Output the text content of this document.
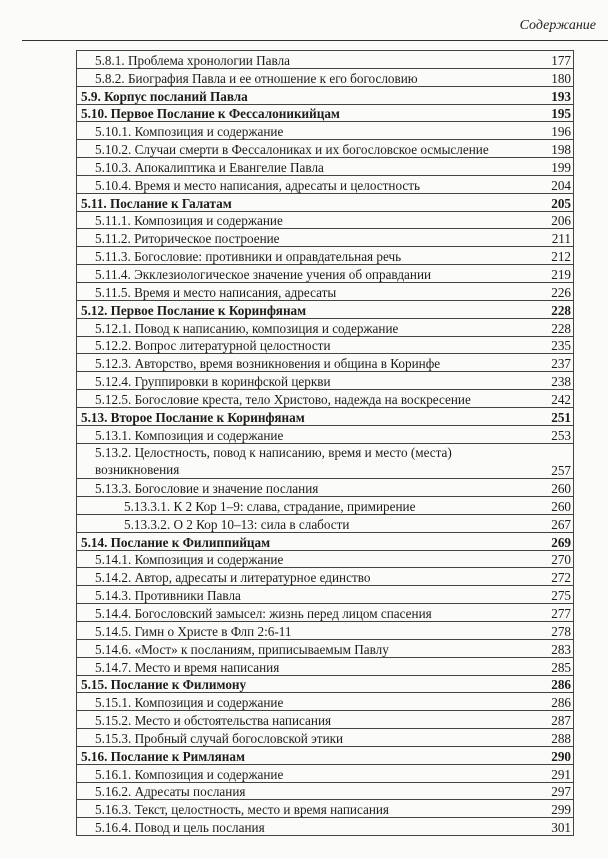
Содержание
5.8.1. Проблема хронологии Павла	177
5.8.2. Биография Павла и ее отношение к его богословию	180
5.9. Корпус посланий Павла	193
5.10. Первое Послание к Фессалоникийцам	195
5.10.1. Композиция и содержание	196
5.10.2. Случаи смерти в Фессалониках и их богословское осмысление	198
5.10.3. Апокалиптика и Евангелие Павла	199
5.10.4. Время и место написания, адресаты и целостность	204
5.11. Послание к Галатам	205
5.11.1. Композиция и содержание	206
5.11.2. Риторическое построение	211
5.11.3. Богословие: противники и оправдательная речь	212
5.11.4. Экклезиологическое значение учения об оправдании	219
5.11.5. Время и место написания, адресаты	226
5.12. Первое Послание к Коринфянам	228
5.12.1. Повод к написанию, композиция и содержание	228
5.12.2. Вопрос литературной целостности	235
5.12.3. Авторство, время возникновения и община в Коринфе	237
5.12.4. Группировки в коринфской церкви	238
5.12.5. Богословие креста, тело Христово, надежда на воскресение	242
5.13. Второе Послание к Коринфянам	251
5.13.1. Композиция и содержание	253
5.13.2. Целостность, повод к написанию, время и место (места) возникновения	257
5.13.3. Богословие и значение послания	260
5.13.3.1. К 2 Кор 1–9: слава, страдание, примирение	260
5.13.3.2. О 2 Кор 10–13: сила в слабости	267
5.14. Послание к Филиппийцам	269
5.14.1. Композиция и содержание	270
5.14.2. Автор, адресаты и литературное единство	272
5.14.3. Противники Павла	275
5.14.4. Богословский замысел: жизнь перед лицом спасения	277
5.14.5. Гимн о Христе в Флп 2:6-11	278
5.14.6. «Мост» к посланиям, приписываемым Павлу	283
5.14.7. Место и время написания	285
5.15. Послание к Филимону	286
5.15.1. Композиция и содержание	286
5.15.2. Место и обстоятельства написания	287
5.15.3. Пробный случай богословской этики	288
5.16. Послание к Римлянам	290
5.16.1. Композиция и содержание	291
5.16.2. Адресаты послания	297
5.16.3. Текст, целостность, место и время написания	299
5.16.4. Повод и цель послания	301
